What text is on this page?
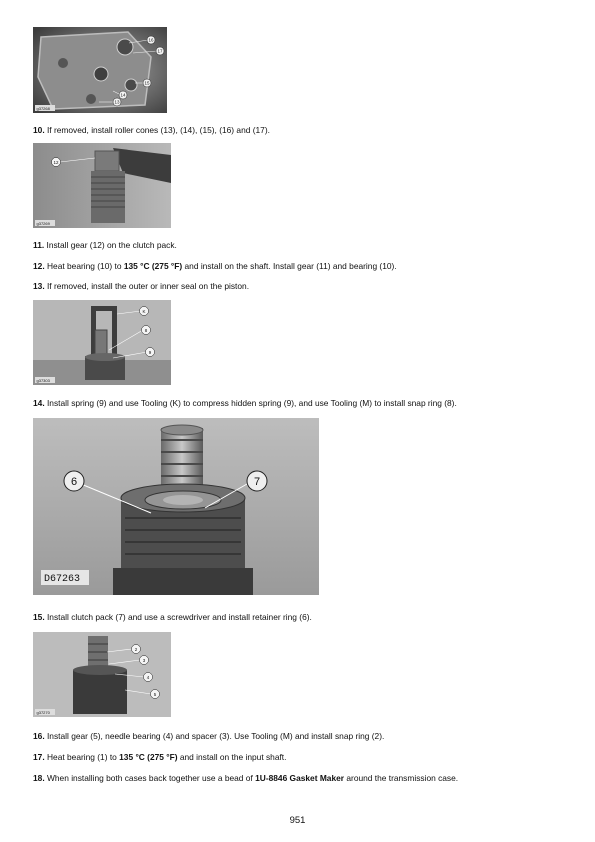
16
17
15
14
13
g37268
10. If removed, install roller cones (13), (14), (15), (16) and (17).
12
g37269
11. Install gear (12) on the clutch pack.
12. Heat bearing (10) to 135 °C (275 °F) and install on the shaft. Install gear (11) and bearing (10).
13. If removed, install the outer or inner seal on the piston.
K
8
9
g37303
14. Install spring (9) and use Tooling (K) to compress hidden spring (9), and use Tooling (M) to install snap ring (8).
6	7
D67263
15. Install clutch pack (7) and use a screwdriver and install retainer ring (6).
2
3
4
5
g37270
16. Install gear (5), needle bearing (4) and spacer (3). Use Tooling (M) and install snap ring (2).
17. Heat bearing (1) to 135 °C (275 °F) and install on the input shaft.
18. When installing both cases back together use a bead of 1U-8846 Gasket Maker around the transmission case.
951
